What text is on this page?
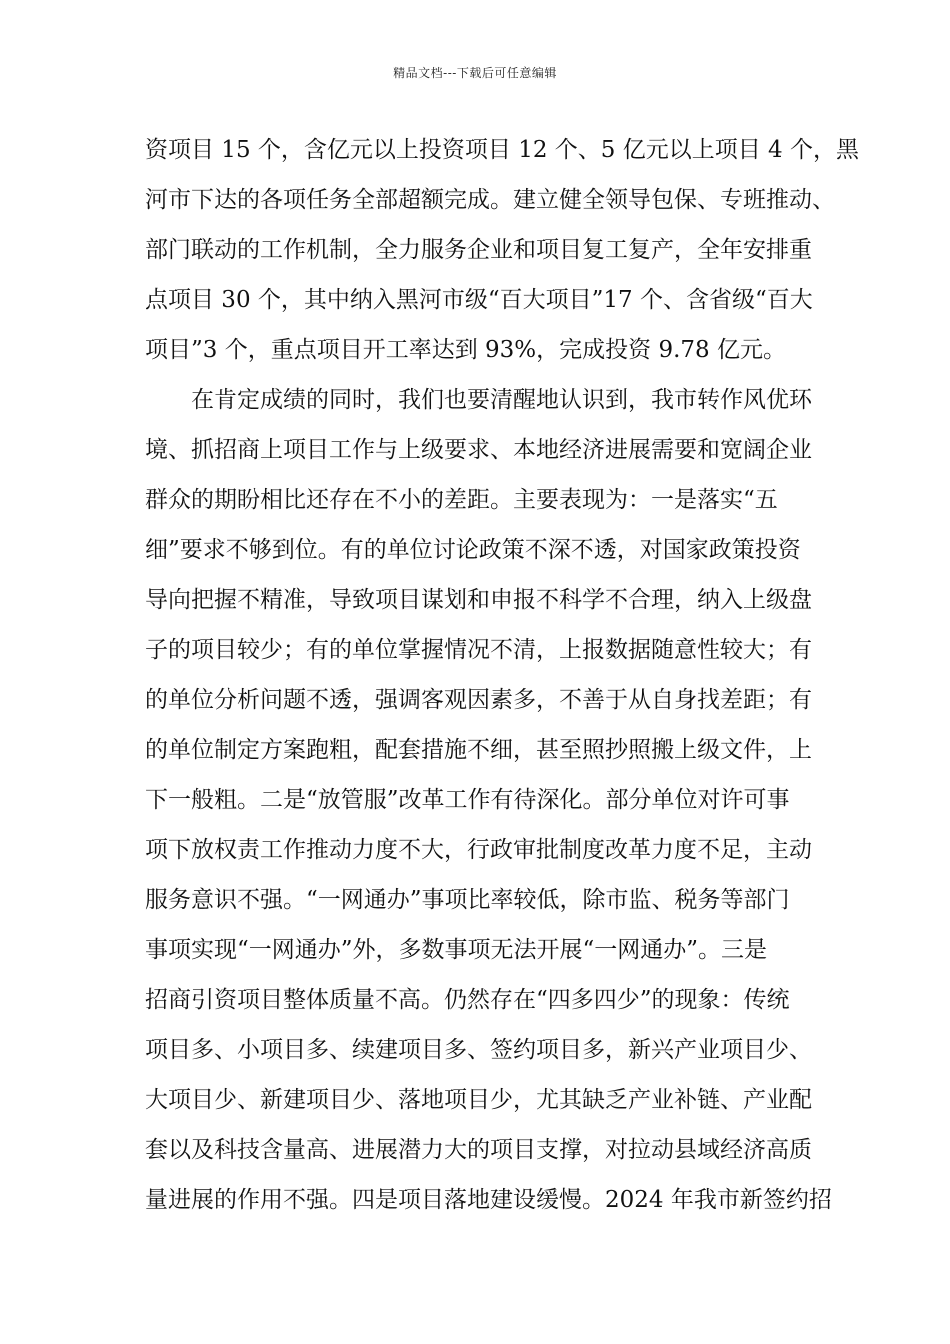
精品文档---下载后可任意编辑
资项目 15 个，含亿元以上投资项目 12 个、5 亿元以上项目 4 个，黑
河市下达的各项任务全部超额完成。建立健全领导包保、专班推动、
部门联动的工作机制，全力服务企业和项目复工复产，全年安排重
点项目 30 个，其中纳入黑河市级“百大项目”17 个、含省级“百大
项目”3 个，重点项目开工率达到 93%，完成投资 9.78 亿元。
　　在肯定成绩的同时，我们也要清醒地认识到，我市转作风优环
境、抓招商上项目工作与上级要求、本地经济进展需要和宽阔企业
群众的期盼相比还存在不小的差距。主要表现为：一是落实“五
细”要求不够到位。有的单位讨论政策不深不透，对国家政策投资
导向把握不精准，导致项目谋划和申报不科学不合理，纳入上级盘
子的项目较少；有的单位掌握情况不清，上报数据随意性较大；有
的单位分析问题不透，强调客观因素多，不善于从自身找差距；有
的单位制定方案跑粗，配套措施不细，甚至照抄照搬上级文件，上
下一般粗。二是“放管服”改革工作有待深化。部分单位对许可事
项下放权责工作推动力度不大，行政审批制度改革力度不足，主动
服务意识不强。“一网通办”事项比率较低，除市监、税务等部门
事项实现“一网通办”外，多数事项无法开展“一网通办”。三是
招商引资项目整体质量不高。仍然存在“四多四少”的现象：传统
项目多、小项目多、续建项目多、签约项目多，新兴产业项目少、
大项目少、新建项目少、落地项目少，尤其缺乏产业补链、产业配
套以及科技含量高、进展潜力大的项目支撑，对拉动县域经济高质
量进展的作用不强。四是项目落地建设缓慢。2024 年我市新签约招
